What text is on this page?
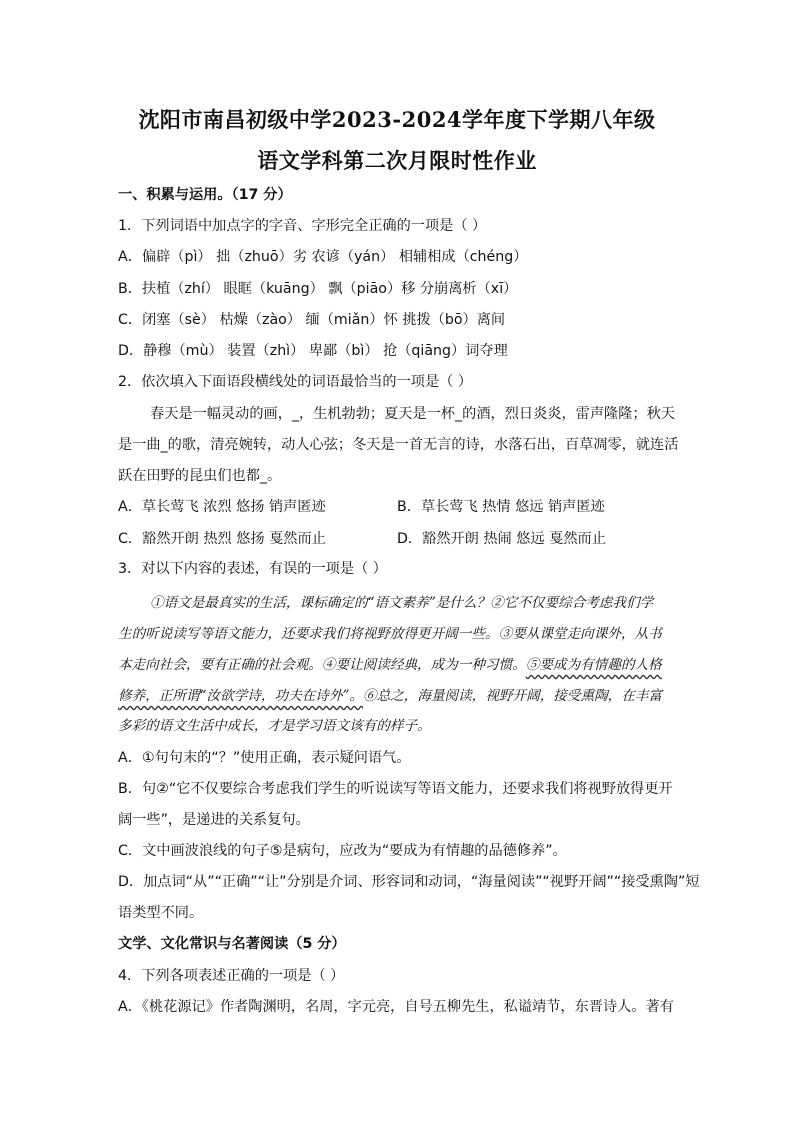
沈阳市南昌初级中学2023-2024学年度下学期八年级
语文学科第二次月限时性作业
一、积累与运用。（17 分）
1．下列词语中加点字的字音、字形完全正确的一项是（ ）
A．偏辟（pì） 拙（zhuō）劣 农谚（yán） 相辅相成（chéng）
B．扶植（zhí） 眼眶（kuāng） 飘（piāo）移 分崩离析（xī）
C．闭塞（sè） 枯燥（zào） 缅（miǎn）怀 挑拨（bō）离间
D．静穆（mù） 装置（zhì） 卑鄙（bì） 抢（qiāng）词夺理
2．依次填入下面语段横线处的词语最恰当的一项是（ ）
春天是一幅灵动的画，_，生机勃勃；夏天是一杯_的酒，烈日炎炎，雷声隆隆；秋天
是一曲_的歌，清亮婉转，动人心弦；冬天是一首无言的诗，水落石出，百草凋零，就连活
跃在田野的昆虫们也都_。
A．草长莺飞 浓烈 悠扬 销声匿迹	B．草长莺飞 热情 悠远 销声匿迹
C．豁然开朗 热烈 悠扬 戛然而止	D．豁然开朗 热闹 悠远 戛然而止
3．对以下内容的表述，有误的一项是（ ）
①语文是最真实的生活，课标确定的“语文素养”是什么？②它不仅要综合考虑我们学
生的听说读写等语文能力，还要求我们将视野放得更开阔一些。③要从课堂走向课外，从书
本走向社会，要有正确的社会观。④要让阅读经典，成为一种习惯。⑤要成为有情趣的人格
修养，正所谓“汝欲学诗，功夫在诗外”。⑥总之，海量阅读，视野开阔，接受熏陶，在丰富
多彩的语文生活中成长，才是学习语文该有的样子。
A．①句句末的“？”使用正确，表示疑问语气。
B．句②“它不仅要综合考虑我们学生的听说读写等语文能力，还要求我们将视野放得更开
阔一些”，是递进的关系复句。
C．文中画波浪线的句子⑤是病句，应改为“要成为有情趣的品德修养”。
D．加点词“从”“正确”“让”分别是介词、形容词和动词，“海量阅读”“视野开阔”“接受熏陶”短
语类型不同。
文学、文化常识与名著阅读（5 分）
4．下列各项表述正确的一项是（ ）
A．《桃花源记》作者陶渊明，名周，字元亮，自号五柳先生，私谥靖节，东晋诗人。著有
